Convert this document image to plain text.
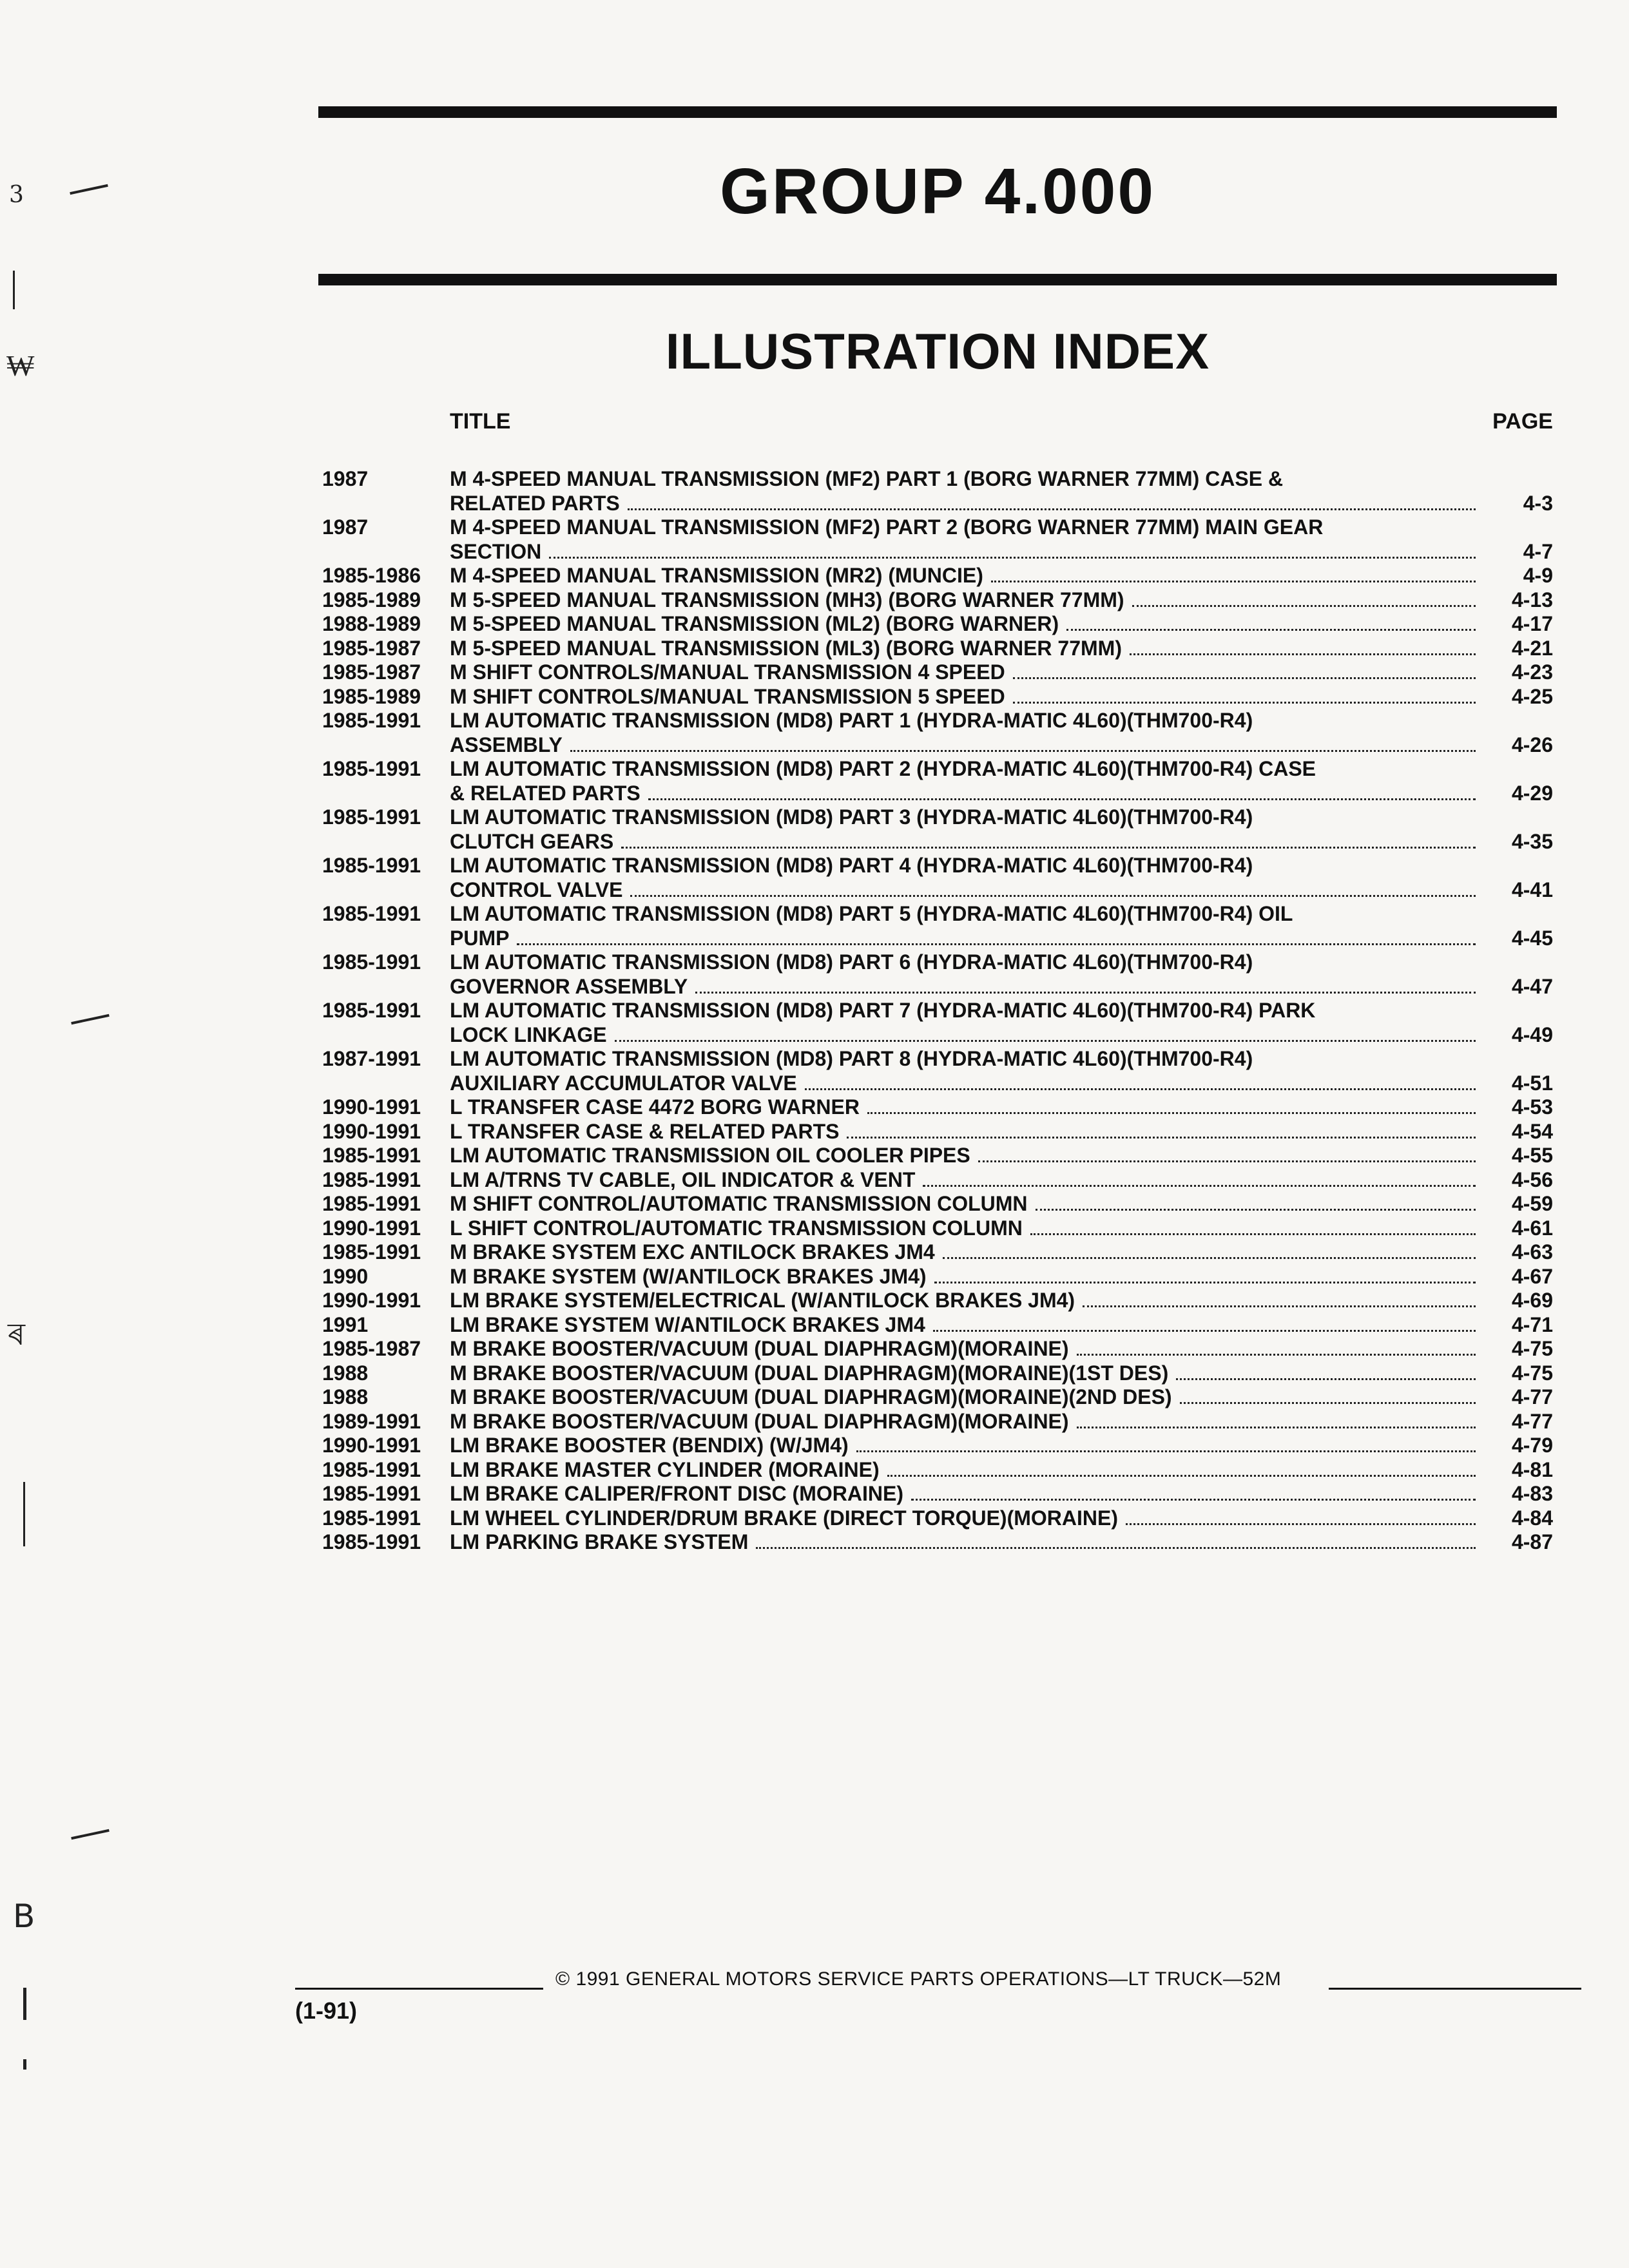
GROUP 4.000
ILLUSTRATION INDEX
TITLE	PAGE
1987	M 4-SPEED MANUAL TRANSMISSION (MF2) PART 1 (BORG WARNER 77MM) CASE &
RELATED PARTS	4-3
1987	M 4-SPEED MANUAL TRANSMISSION (MF2) PART 2 (BORG WARNER 77MM) MAIN GEAR
SECTION	4-7
1985-1986	M 4-SPEED MANUAL TRANSMISSION (MR2) (MUNCIE)	4-9
1985-1989	M 5-SPEED MANUAL TRANSMISSION (MH3) (BORG WARNER 77MM)	4-13
1988-1989	M 5-SPEED MANUAL TRANSMISSION (ML2) (BORG WARNER)	4-17
1985-1987	M 5-SPEED MANUAL TRANSMISSION (ML3) (BORG WARNER 77MM)	4-21
1985-1987	M SHIFT CONTROLS/MANUAL TRANSMISSION 4 SPEED	4-23
1985-1989	M SHIFT CONTROLS/MANUAL TRANSMISSION 5 SPEED	4-25
1985-1991	LM AUTOMATIC TRANSMISSION (MD8) PART 1 (HYDRA-MATIC 4L60)(THM700-R4)
ASSEMBLY	4-26
1985-1991	LM AUTOMATIC TRANSMISSION (MD8) PART 2 (HYDRA-MATIC 4L60)(THM700-R4) CASE
& RELATED PARTS	4-29
1985-1991	LM AUTOMATIC TRANSMISSION (MD8) PART 3 (HYDRA-MATIC 4L60)(THM700-R4)
CLUTCH GEARS	4-35
1985-1991	LM AUTOMATIC TRANSMISSION (MD8) PART 4 (HYDRA-MATIC 4L60)(THM700-R4)
CONTROL VALVE	4-41
1985-1991	LM AUTOMATIC TRANSMISSION (MD8) PART 5 (HYDRA-MATIC 4L60)(THM700-R4) OIL
PUMP	4-45
1985-1991	LM AUTOMATIC TRANSMISSION (MD8) PART 6 (HYDRA-MATIC 4L60)(THM700-R4)
GOVERNOR ASSEMBLY	4-47
1985-1991	LM AUTOMATIC TRANSMISSION (MD8) PART 7 (HYDRA-MATIC 4L60)(THM700-R4) PARK
LOCK LINKAGE	4-49
1987-1991	LM AUTOMATIC TRANSMISSION (MD8) PART 8 (HYDRA-MATIC 4L60)(THM700-R4)
AUXILIARY ACCUMULATOR VALVE	4-51
1990-1991	L TRANSFER CASE 4472 BORG WARNER	4-53
1990-1991	L TRANSFER CASE & RELATED PARTS	4-54
1985-1991	LM AUTOMATIC TRANSMISSION OIL COOLER PIPES	4-55
1985-1991	LM A/TRNS TV CABLE, OIL INDICATOR & VENT	4-56
1985-1991	M SHIFT CONTROL/AUTOMATIC TRANSMISSION COLUMN	4-59
1990-1991	L SHIFT CONTROL/AUTOMATIC TRANSMISSION COLUMN	4-61
1985-1991	M BRAKE SYSTEM EXC ANTILOCK BRAKES JM4	4-63
1990	M BRAKE SYSTEM (W/ANTILOCK BRAKES JM4)	4-67
1990-1991	LM BRAKE SYSTEM/ELECTRICAL (W/ANTILOCK BRAKES JM4)	4-69
1991	LM BRAKE SYSTEM W/ANTILOCK BRAKES JM4	4-71
1985-1987	M BRAKE BOOSTER/VACUUM (DUAL DIAPHRAGM)(MORAINE)	4-75
1988	M BRAKE BOOSTER/VACUUM (DUAL DIAPHRAGM)(MORAINE)(1ST DES)	4-75
1988	M BRAKE BOOSTER/VACUUM (DUAL DIAPHRAGM)(MORAINE)(2ND DES)	4-77
1989-1991	M BRAKE BOOSTER/VACUUM (DUAL DIAPHRAGM)(MORAINE)	4-77
1990-1991	LM BRAKE BOOSTER (BENDIX) (W/JM4)	4-79
1985-1991	LM BRAKE MASTER CYLINDER (MORAINE)	4-81
1985-1991	LM BRAKE CALIPER/FRONT DISC (MORAINE)	4-83
1985-1991	LM WHEEL CYLINDER/DRUM BRAKE (DIRECT TORQUE)(MORAINE)	4-84
1985-1991	LM PARKING BRAKE SYSTEM	4-87
© 1991 GENERAL MOTORS SERVICE PARTS OPERATIONS—LT TRUCK—52M
(1-91)
3
₩
ৰ
B
